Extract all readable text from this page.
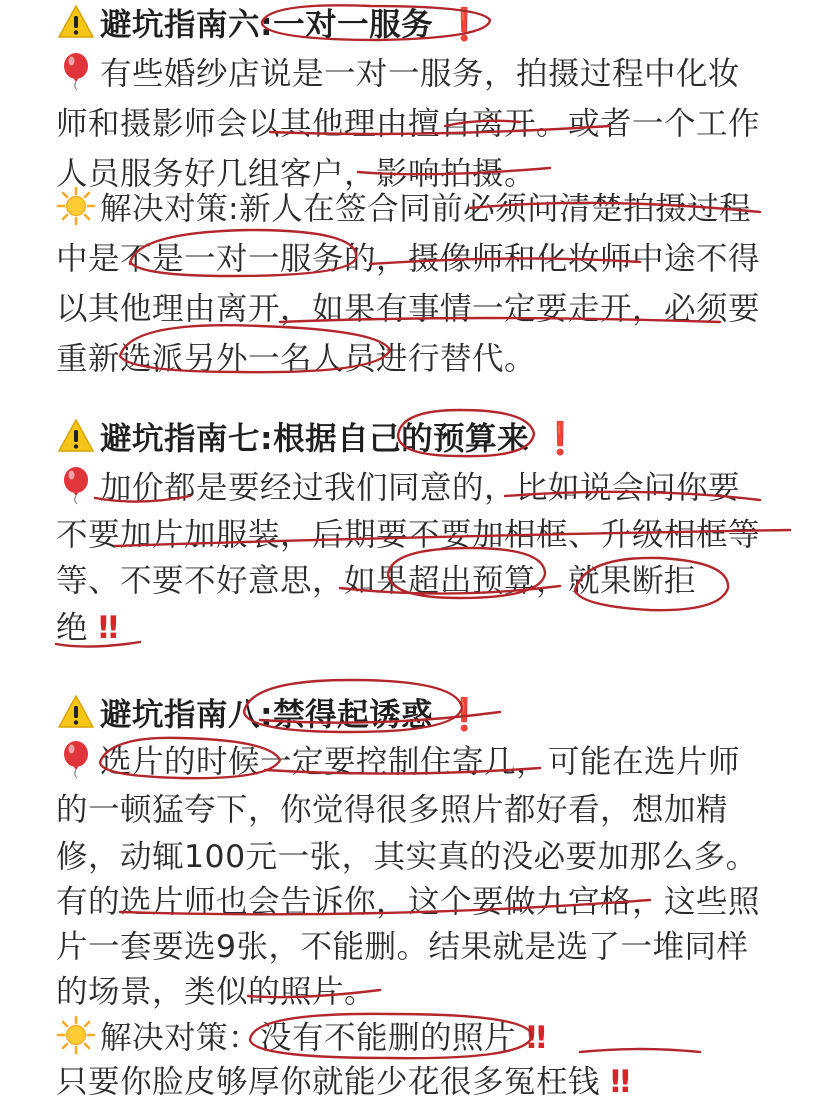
避坑指南六:一对一服务 ❗
有些婚纱店说是一对一服务，拍摄过程中化妆
师和摄影师会以其他理由擅自离开。或者一个工作
人员服务好几组客户，影响拍摄。
解决对策:新人在签合同前必须问清楚拍摄过程
中是不是一对一服务的，摄像师和化妆师中途不得
以其他理由离开，如果有事情一定要走开，必须要
重新选派另外一名人员进行替代。
避坑指南七:根据自己的预算来 ❗
加价都是要经过我们同意的，比如说会问你要
不要加片加服装，后期要不要加相框、升级相框等
等、不要不好意思，如果超出预算，就果断拒
绝 ‼
避坑指南八:禁得起诱惑 ❗
选片的时候一定要控制住寄几，可能在选片师
的一顿猛夸下，你觉得很多照片都好看，想加精
修，动辄100元一张，其实真的没必要加那么多。
有的选片师也会告诉你，这个要做九宫格，这些照
片一套要选9张，不能删。结果就是选了一堆同样
的场景，类似的照片。
解决对策：没有不能删的照片 ‼
只要你脸皮够厚你就能少花很多冤枉钱 ‼
